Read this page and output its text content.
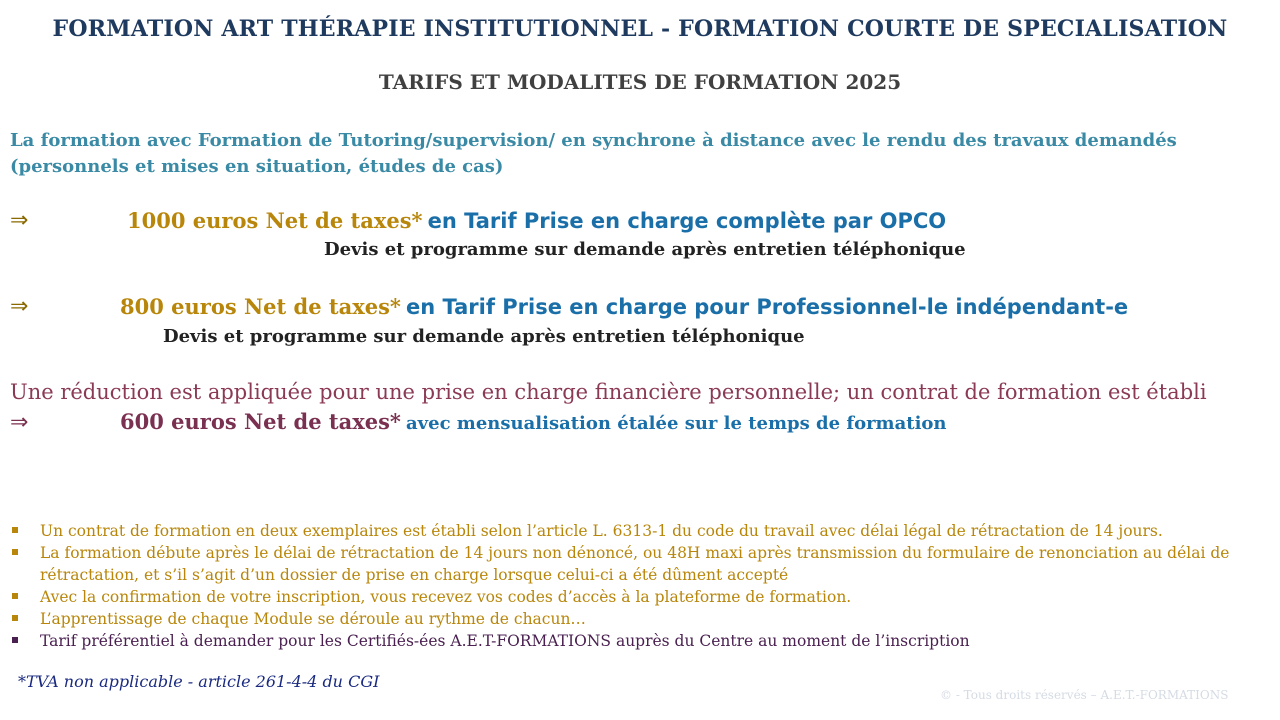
FORMATION ART THÉRAPIE INSTITUTIONNEL - FORMATION COURTE DE SPECIALISATION
TARIFS ET MODALITES DE FORMATION 2025
La formation avec Formation de Tutoring/supervision/ en synchrone à distance avec le rendu des travaux demandés (personnels et mises en situation, études de cas)
⇒	1000 euros Net de taxes* en Tarif Prise en charge complète par OPCO
Devis et programme sur demande après entretien téléphonique
⇒	800 euros Net de taxes* en Tarif Prise en charge pour Professionnel-le indépendant-e
Devis et programme sur demande après entretien téléphonique
Une réduction est appliquée pour une prise en charge financière personnelle; un contrat de formation est établi
⇒	600 euros Net de taxes* avec mensualisation étalée sur le temps de formation
Un contrat de formation en deux exemplaires est établi selon l’article L. 6313-1 du code du travail avec délai légal de rétractation de 14 jours.
La formation débute après le délai de rétractation de 14 jours non dénoncé, ou 48H maxi après transmission du formulaire de renonciation au délai de rétractation, et s’il s’agit d’un dossier de prise en charge lorsque celui-ci a été dûment accepté
Avec la confirmation de votre inscription, vous recevez vos codes d’accès à la plateforme de formation.
L’apprentissage de chaque Module se déroule au rythme de chacun…
Tarif préférentiel à demander pour les Certifiés-ées A.E.T-FORMATIONS auprès du Centre au moment de l’inscription
*TVA non applicable - article 261-4-4 du CGI
© - Tous droits réservés – A.E.T.-FORMATIONS
